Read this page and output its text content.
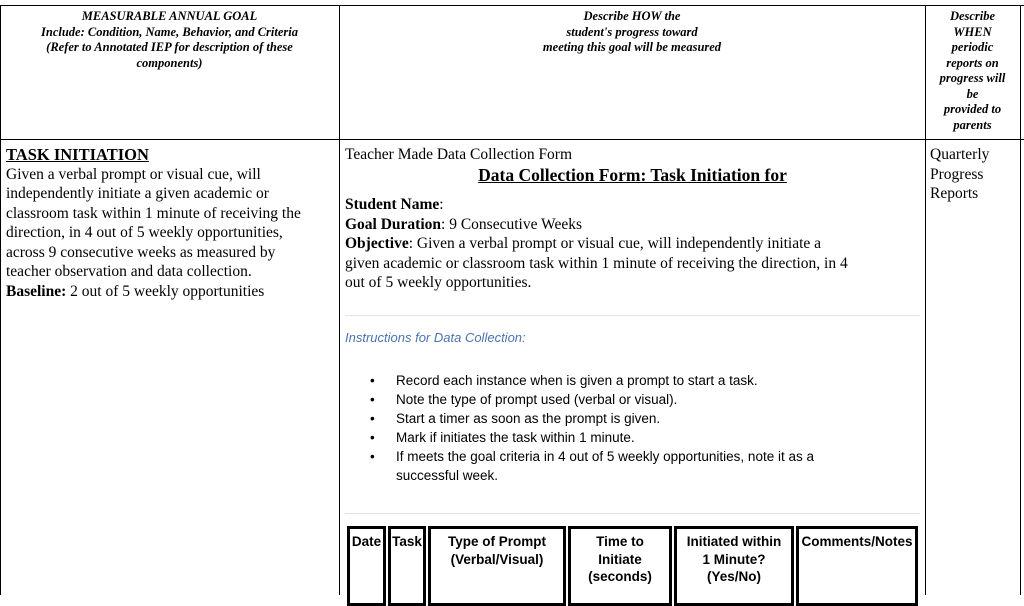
MEASURABLE ANNUAL GOAL
Include: Condition, Name, Behavior, and Criteria
(Refer to Annotated IEP for description of these
components)
Describe HOW the
student's progress toward
meeting this goal will be measured
Describe
WHEN
periodic
reports on
progress will
be
provided to
parents
TASK INITIATION
Given a verbal prompt or visual cue, will
independently initiate a given academic or
classroom task within 1 minute of receiving the
direction, in 4 out of 5 weekly opportunities,
across 9 consecutive weeks as measured by
teacher observation and data collection.
Baseline: 2 out of 5 weekly opportunities
Teacher Made Data Collection Form
Data Collection Form: Task Initiation for
Student Name:
Goal Duration: 9 Consecutive Weeks
Objective: Given a verbal prompt or visual cue, will independently initiate a
given academic or classroom task within 1 minute of receiving the direction, in 4
out of 5 weekly opportunities.
Instructions for Data Collection:
• Record each instance when is given a prompt to start a task.
• Note the type of prompt used (verbal or visual).
• Start a timer as soon as the prompt is given.
• Mark if initiates the task within 1 minute.
• If meets the goal criteria in 4 out of 5 weekly opportunities, note it as a
successful week.
Date Task	Type of Prompt
(Verbal/Visual)
Time to
Initiate
(seconds)
Initiated within
1 Minute?
(Yes/No)
Comments/Notes
Quarterly
Progress
Reports
